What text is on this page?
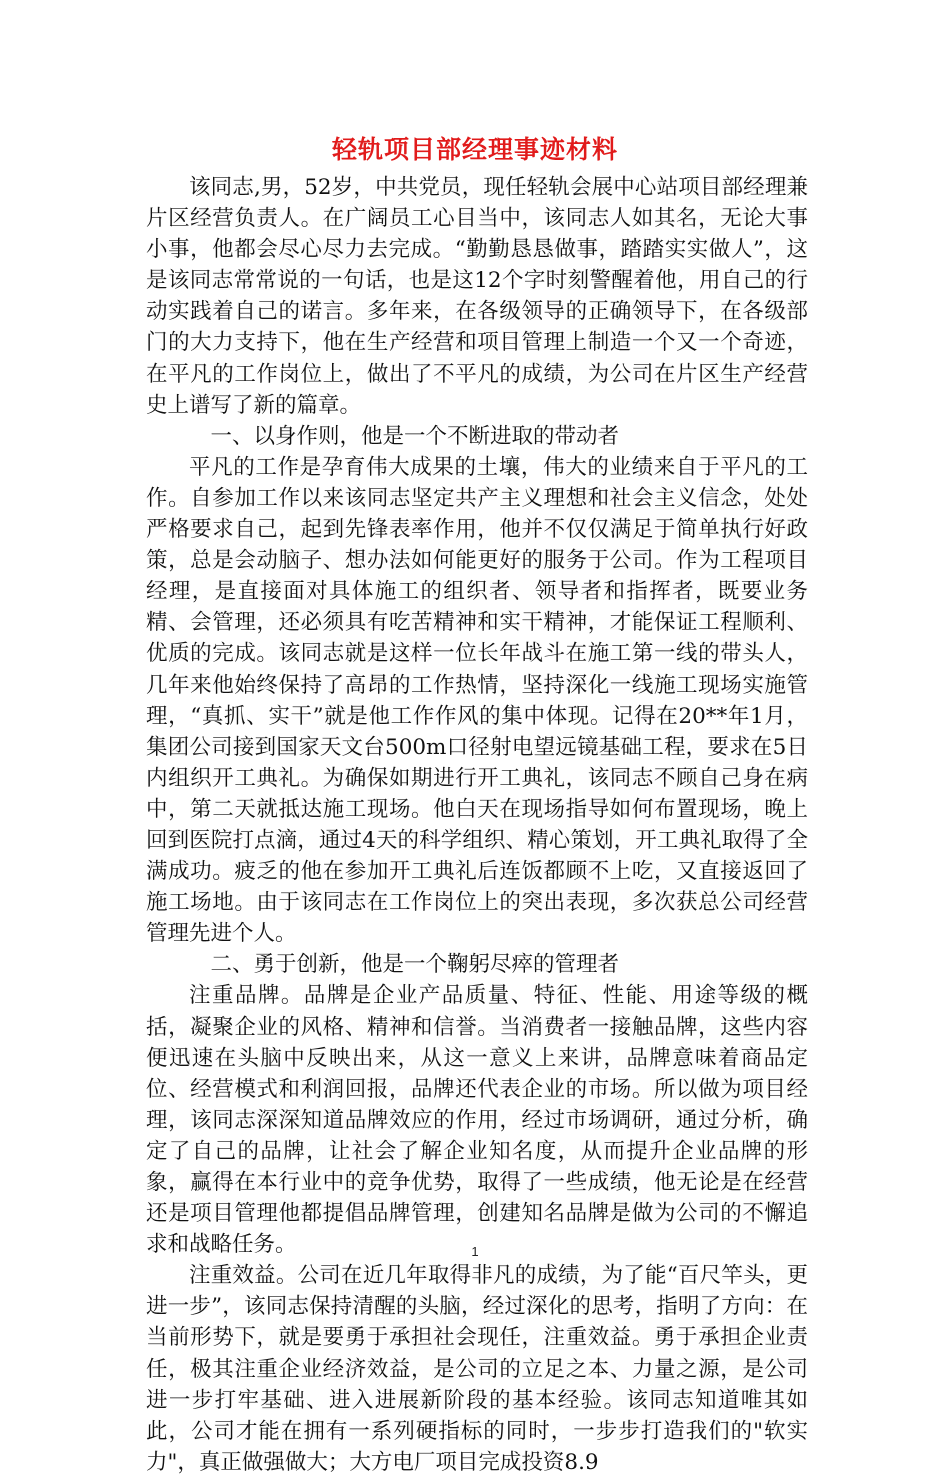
轻轨项目部经理事迹材料

该同志,男，52岁，中共党员，现任轻轨会展中心站项目部经理兼片区经营负责人。在广阔员工心目当中，该同志人如其名，无论大事小事，他都会尽心尽力去完成。“勤勤恳恳做事，踏踏实实做人”，这是该同志常常说的一句话，也是这12个字时刻警醒着他，用自己的行动实践着自己的诺言。多年来，在各级领导的正确领导下，在各级部门的大力支持下，他在生产经营和项目管理上制造一个又一个奇迹，在平凡的工作岗位上，做出了不平凡的成绩，为公司在片区生产经营史上谱写了新的篇章。

一、以身作则，他是一个不断进取的带动者

平凡的工作是孕育伟大成果的土壤，伟大的业绩来自于平凡的工作。自参加工作以来该同志坚定共产主义理想和社会主义信念，处处严格要求自己，起到先锋表率作用，他并不仅仅满足于简单执行好政策，总是会动脑子、想办法如何能更好的服务于公司。作为工程项目经理，是直接面对具体施工的组织者、领导者和指挥者，既要业务精、会管理，还必须具有吃苦精神和实干精神，才能保证工程顺利、优质的完成。该同志就是这样一位长年战斗在施工第一线的带头人，几年来他始终保持了高昂的工作热情，坚持深化一线施工现场实施管理，“真抓、实干”就是他工作作风的集中体现。记得在20**年1月，集团公司接到国家天文台500m口径射电望远镜基础工程，要求在5日内组织开工典礼。为确保如期进行开工典礼，该同志不顾自己身在病中，第二天就抵达施工现场。他白天在现场指导如何布置现场，晚上回到医院打点滴，通过4天的科学组织、精心策划，开工典礼取得了全满成功。疲乏的他在参加开工典礼后连饭都顾不上吃，又直接返回了施工场地。由于该同志在工作岗位上的突出表现，多次获总公司经营管理先进个人。

二、勇于创新，他是一个鞠躬尽瘁的管理者

注重品牌。品牌是企业产品质量、特征、性能、用途等级的概括，凝聚企业的风格、精神和信誉。当消费者一接触品牌，这些内容便迅速在头脑中反映出来，从这一意义上来讲，品牌意味着商品定位、经营模式和利润回报，品牌还代表企业的市场。所以做为项目经理，该同志深深知道品牌效应的作用，经过市场调研，通过分析，确定了自己的品牌，让社会了解企业知名度，从而提升企业品牌的形象，赢得在本行业中的竞争优势，取得了一些成绩，他无论是在经营还是项目管理他都提倡品牌管理，创建知名品牌是做为公司的不懈追求和战略任务。

注重效益。公司在近几年取得非凡的成绩，为了能“百尺竿头，更进一步”，该同志保持清醒的头脑，经过深化的思考，指明了方向：在当前形势下，就是要勇于承担社会现任，注重效益。勇于承担企业责任，极其注重企业经济效益，是公司的立足之本、力量之源，是公司进一步打牢基础、进入进展新阶段的基本经验。该同志知道唯其如此，公司才能在拥有一系列硬指标的同时，一步步打造我们的"软实力"，真正做强做大；大方电厂项目完成投资8.9

1
